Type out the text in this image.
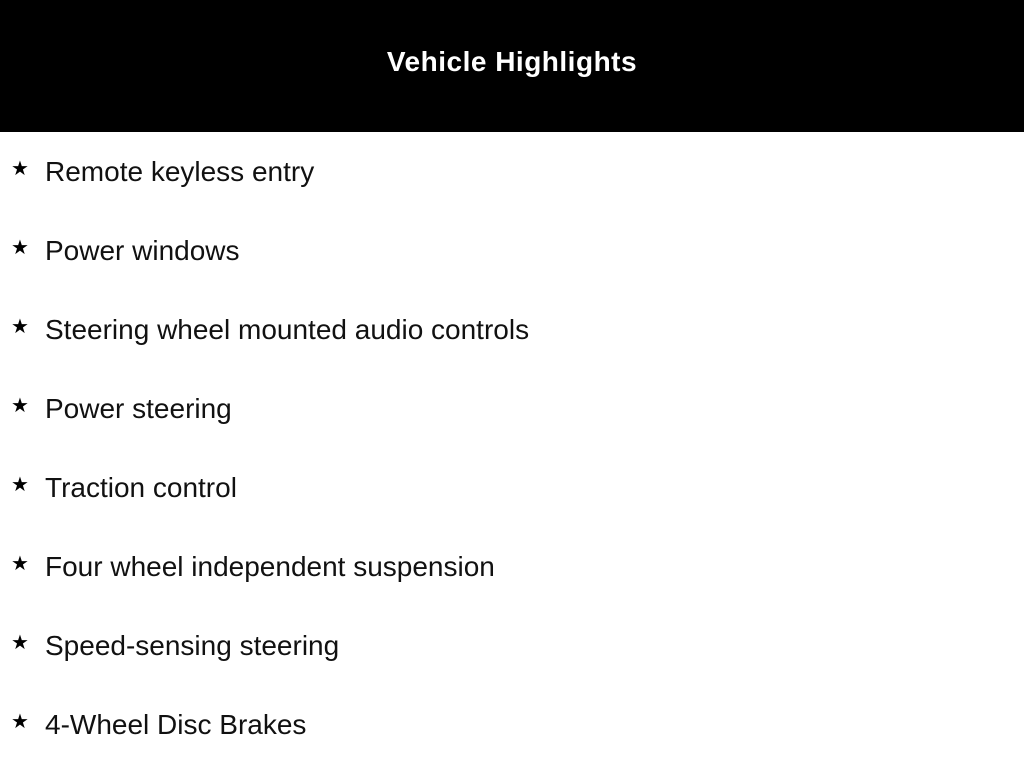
Vehicle Highlights
★ Remote keyless entry
★ Power windows
★ Steering wheel mounted audio controls
★ Power steering
★ Traction control
★ Four wheel independent suspension
★ Speed-sensing steering
★ 4-Wheel Disc Brakes
